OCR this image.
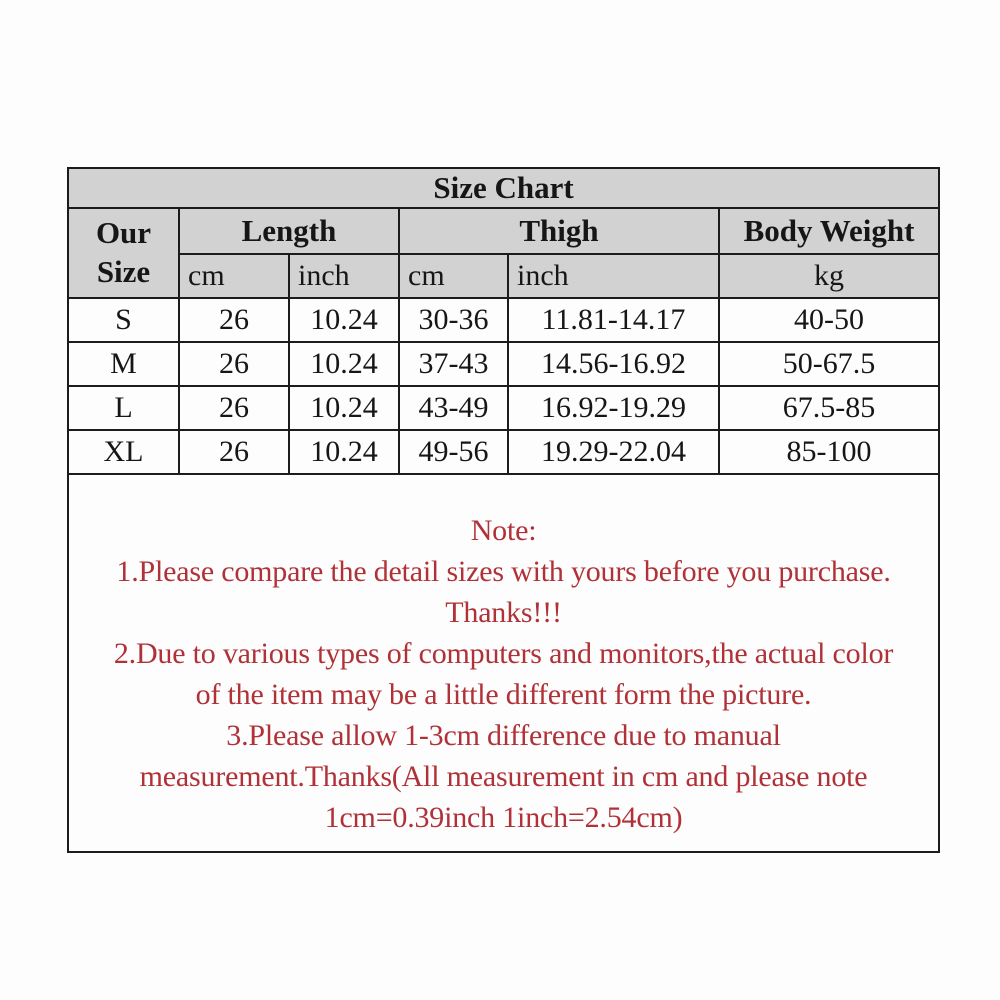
Size Chart					
Our Size	Length		Thigh		Body Weight
	cm	inch	cm	inch	kg
S	26	10.24	30-36	11.81-14.17	40-50
M	26	10.24	37-43	14.56-16.92	50-67.5
L	26	10.24	43-49	16.92-19.29	67.5-85
XL	26	10.24	49-56	19.29-22.04	85-100

Note:
1.Please compare the detail sizes with yours before you purchase.
Thanks!!!
2.Due to various types of computers and monitors,the actual color
of the item may be a little different form the picture.
3.Please allow 1-3cm difference due to manual
measurement.Thanks(All measurement in cm and please note
1cm=0.39inch 1inch=2.54cm)
